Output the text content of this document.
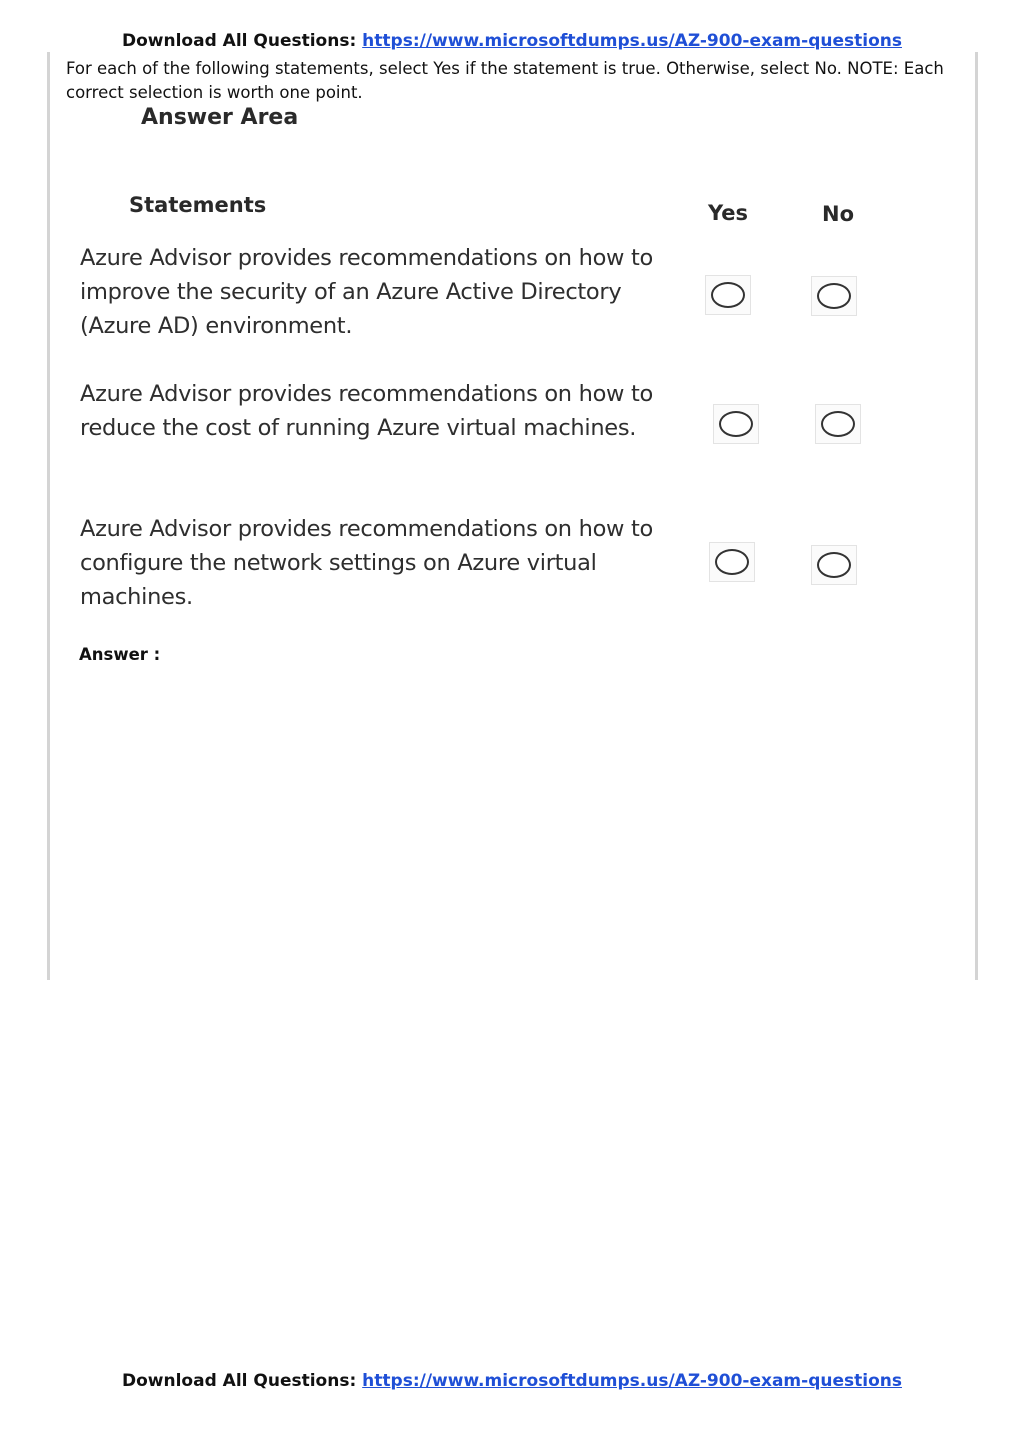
Download All Questions: https://www.microsoftdumps.us/AZ-900-exam-questions
For each of the following statements, select Yes if the statement is true. Otherwise, select No. NOTE: Each correct selection is worth one point.
Answer Area
Statements	Yes	No
Azure Advisor provides recommendations on how to improve the security of an Azure Active Directory (Azure AD) environment.
Azure Advisor provides recommendations on how to reduce the cost of running Azure virtual machines.
Azure Advisor provides recommendations on how to configure the network settings on Azure virtual machines.
Answer :
Download All Questions: https://www.microsoftdumps.us/AZ-900-exam-questions
